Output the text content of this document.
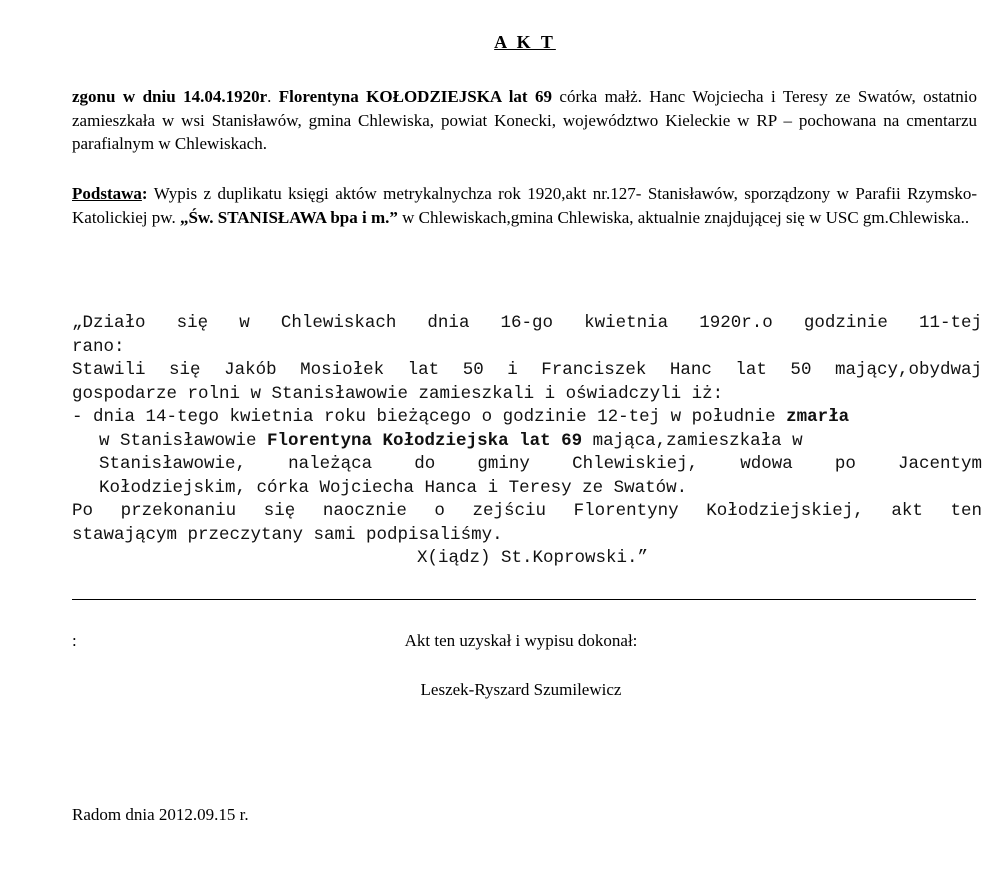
A K T
zgonu w dniu 14.04.1920r. Florentyna KOŁODZIEJSKA lat 69 córka małż. Hanc Wojciecha i Teresy ze Swatów, ostatnio zamieszkała w wsi Stanisławów, gmina Chlewiska, powiat Konecki, województwo Kieleckie w RP – pochowana na cmentarzu parafialnym w Chlewiskach.
Podstawa: Wypis z duplikatu księgi aktów metrykalnychza rok 1920,akt nr.127- Stanisławów, sporządzony w Parafii Rzymsko-Katolickiej pw. „Św. STANISŁAWA bpa i m.” w Chlewiskach,gmina Chlewiska, aktualnie znajdującej się w USC gm.Chlewiska..
„Działo się w Chlewiskach dnia 16-go kwietnia 1920r.o godzinie 11-tej
rano:
Stawili się Jakób Mosiołek lat 50 i Franciszek Hanc lat 50 mający,obydwaj
gospodarze rolni w Stanisławowie zamieszkali i oświadczyli iż:
- dnia 14-tego kwietnia roku bieżącego o godzinie 12-tej w południe zmarła
w Stanisławowie Florentyna Kołodziejska lat 69 mająca,zamieszkała w
Stanisławowie, należąca do gminy Chlewiskiej, wdowa po Jacentym
Kołodziejskim, córka Wojciecha Hanca i Teresy ze Swatów.
Po przekonaniu się naocznie o zejściu Florentyny Kołodziejskiej, akt ten
stawającym przeczytany sami podpisaliśmy.
X(iądz) St.Koprowski.”
:	Akt ten uzyskał i wypisu dokonał:
Leszek-Ryszard Szumilewicz
Radom dnia 2012.09.15 r.
